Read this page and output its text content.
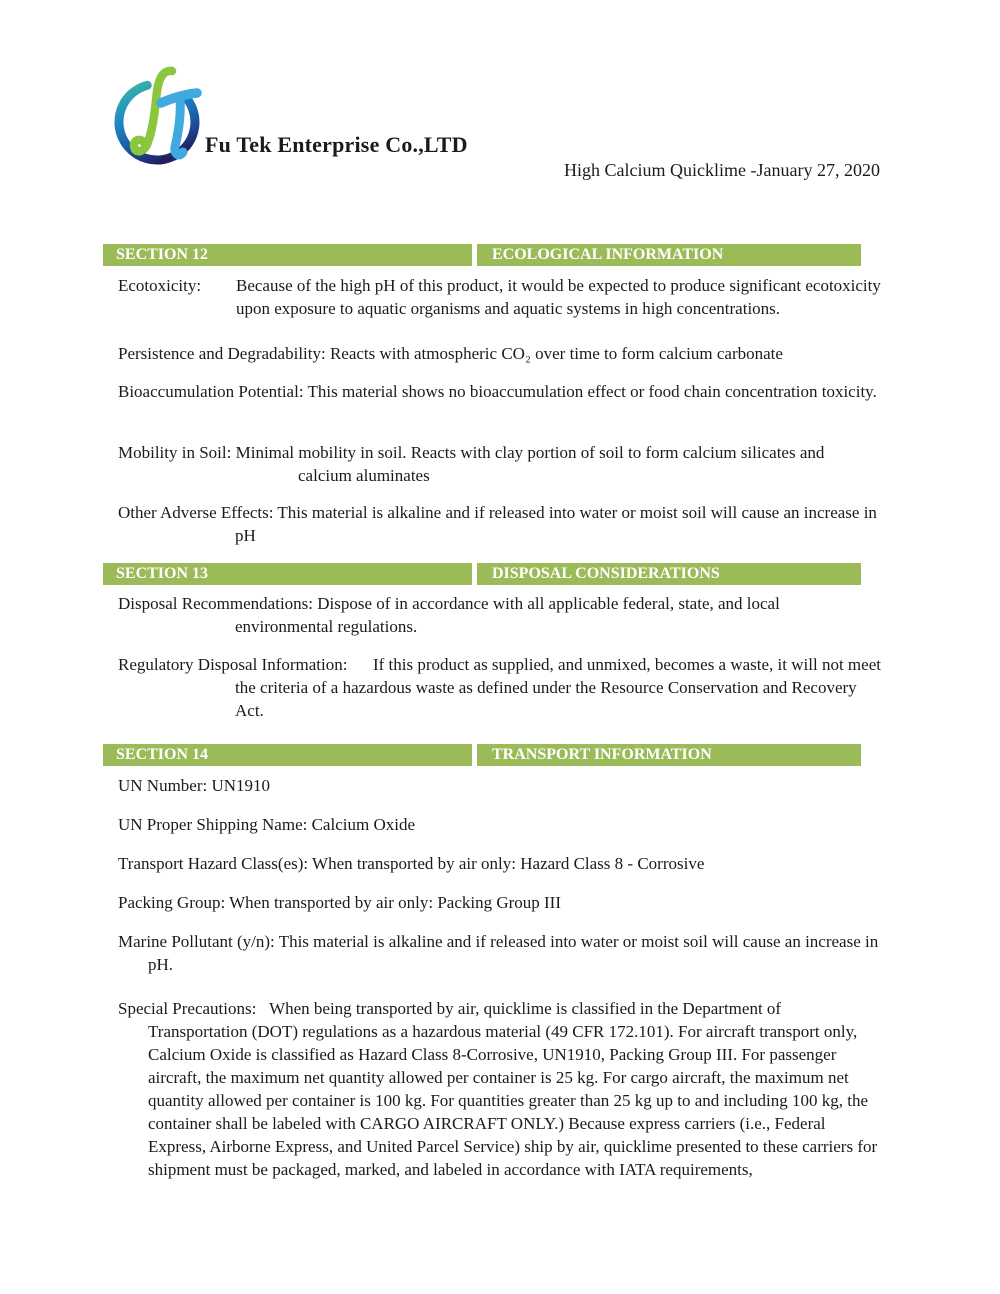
Fu Tek Enterprise Co.,LTD
High Calcium Quicklime -January 27, 2020
SECTION 12	ECOLOGICAL INFORMATION
Ecotoxicity:	Because of the high pH of this product, it would be expected to produce significant ecotoxicity upon exposure to aquatic organisms and aquatic systems in high concentrations.

Persistence and Degradability: Reacts with atmospheric CO₂ over time to form calcium carbonate

Bioaccumulation Potential: This material shows no bioaccumulation effect or food chain concentration toxicity.

Mobility in Soil: Minimal mobility in soil. Reacts with clay portion of soil to form calcium silicates and calcium aluminates

Other Adverse Effects: This material is alkaline and if released into water or moist soil will cause an increase in pH

SECTION 13	DISPOSAL CONSIDERATIONS

Disposal Recommendations: Dispose of in accordance with all applicable federal, state, and local environmental regulations.

Regulatory Disposal Information:      If this product as supplied, and unmixed, becomes a waste, it will not meet the criteria of a hazardous waste as defined under the Resource Conservation and Recovery Act.

SECTION 14	TRANSPORT INFORMATION

UN Number: UN1910

UN Proper Shipping Name: Calcium Oxide

Transport Hazard Class(es): When transported by air only: Hazard Class 8 - Corrosive

Packing Group: When transported by air only: Packing Group III

Marine Pollutant (y/n): This material is alkaline and if released into water or moist soil will cause an increase in pH.

Special Precautions:   When being transported by air, quicklime is classified in the Department of Transportation (DOT) regulations as a hazardous material (49 CFR 172.101). For aircraft transport only, Calcium Oxide is classified as Hazard Class 8-Corrosive, UN1910, Packing Group III. For passenger aircraft, the maximum net quantity allowed per container is 25 kg. For cargo aircraft, the maximum net quantity allowed per container is 100 kg. For quantities greater than 25 kg up to and including 100 kg, the container shall be labeled with CARGO AIRCRAFT ONLY.) Because express carriers (i.e., Federal Express, Airborne Express, and United Parcel Service) ship by air, quicklime presented to these carriers for shipment must be packaged, marked, and labeled in accordance with IATA requirements,
